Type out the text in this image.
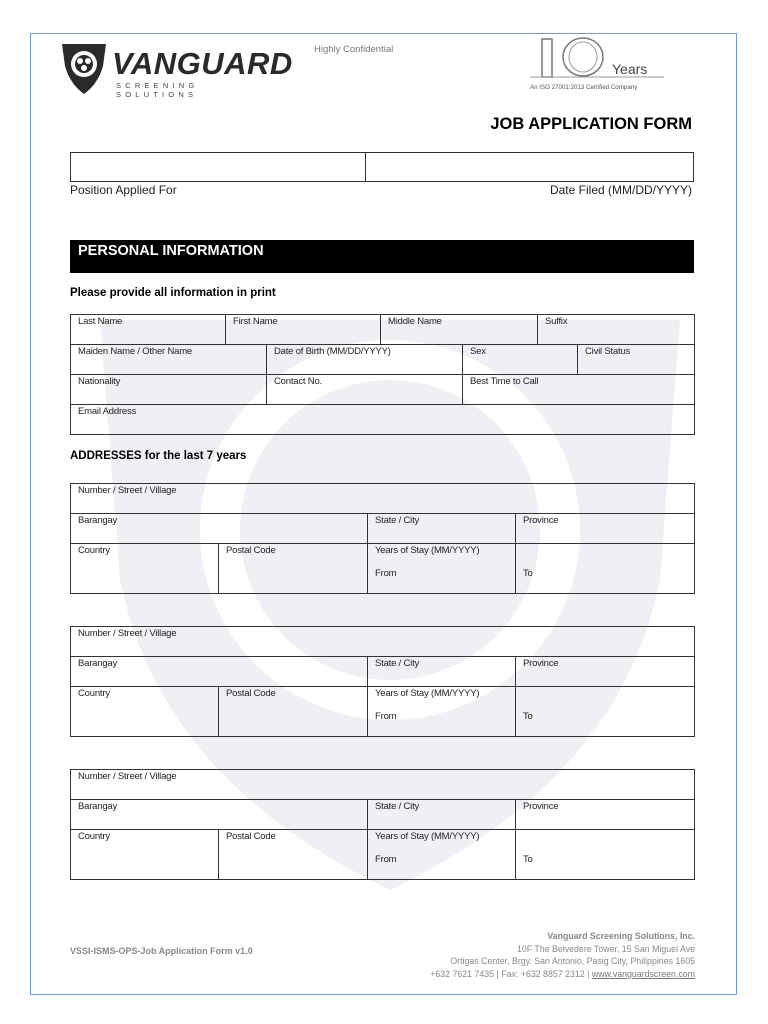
VANGUARD
SCREENING SOLUTIONS
Highly Confidential
Years
An ISO 27001:2013 Certified Company
JOB APPLICATION FORM
Position Applied For	Date Filed (MM/DD/YYYY)
PERSONAL INFORMATION
Please provide all information in print
Last Name	First Name	Middle Name	Suffix
Maiden Name / Other Name	Date of Birth (MM/DD/YYYY)	Sex	Civil Status
Nationality	Contact No.	Best Time to Call
Email Address
ADDRESSES for the last 7 years
Number / Street / Village
Barangay	State / City	Province
Country	Postal Code	Years of Stay (MM/YYYY)
From	To
Number / Street / Village
Barangay	State / City	Province
Country	Postal Code	Years of Stay (MM/YYYY)
From	To
Number / Street / Village
Barangay	State / City	Province
Country	Postal Code	Years of Stay (MM/YYYY)
From	To
VSSI-ISMS-OPS-Job Application Form v1.0
Vanguard Screening Solutions, Inc.
10F The Belvedere Tower, 15 San Miguel Ave
Ortigas Center, Brgy. San Antonio, Pasig City, Philippines 1605
+632 7621 7435 | Fax: +632 8857 2312 | www.vanguardscreen.com
